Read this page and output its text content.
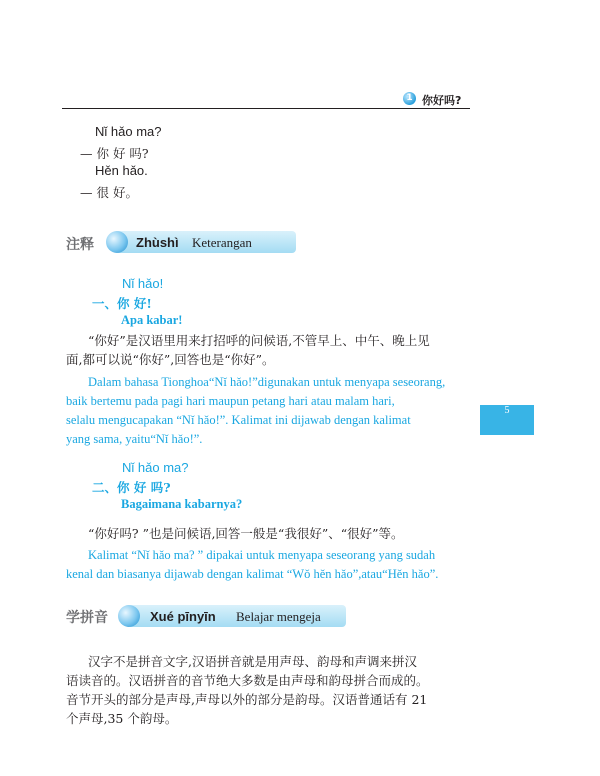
1 你好吗?
Nǐ hǎo ma?
— 你 好 吗?
Hěn hǎo.
— 很 好。
注释	Zhùshì Keterangan
Nǐ hǎo!
一、你 好!
Apa kabar!
“你好”是汉语里用来打招呼的问候语,不管早上、中午、晚上见
面,都可以说“你好”,回答也是“你好”。
Dalam bahasa Tionghoa“Nǐ hǎo!”digunakan untuk menyapa seseorang,
baik bertemu pada pagi hari maupun petang hari atau malam hari,
selalu mengucapakan “Nǐ hǎo!”. Kalimat ini dijawab dengan kalimat
yang sama, yaitu“Nǐ hǎo!”.
Nǐ hǎo ma?
二、你 好 吗?
Bagaimana kabarnya?
“你好吗? ”也是问候语,回答一般是“我很好”、“很好”等。
Kalimat “Nǐ hǎo ma? ” dipakai untuk menyapa seseorang yang sudah
kenal dan biasanya dijawab dengan kalimat “Wǒ hěn hǎo”,atau“Hěn hǎo”.
学拼音	Xué pīnyīn Belajar mengeja
汉字不是拼音文字,汉语拼音就是用声母、韵母和声调来拼汉
语读音的。汉语拼音的音节绝大多数是由声母和韵母拼合而成的。
音节开头的部分是声母,声母以外的部分是韵母。汉语普通话有 21
个声母,35 个韵母。
5
